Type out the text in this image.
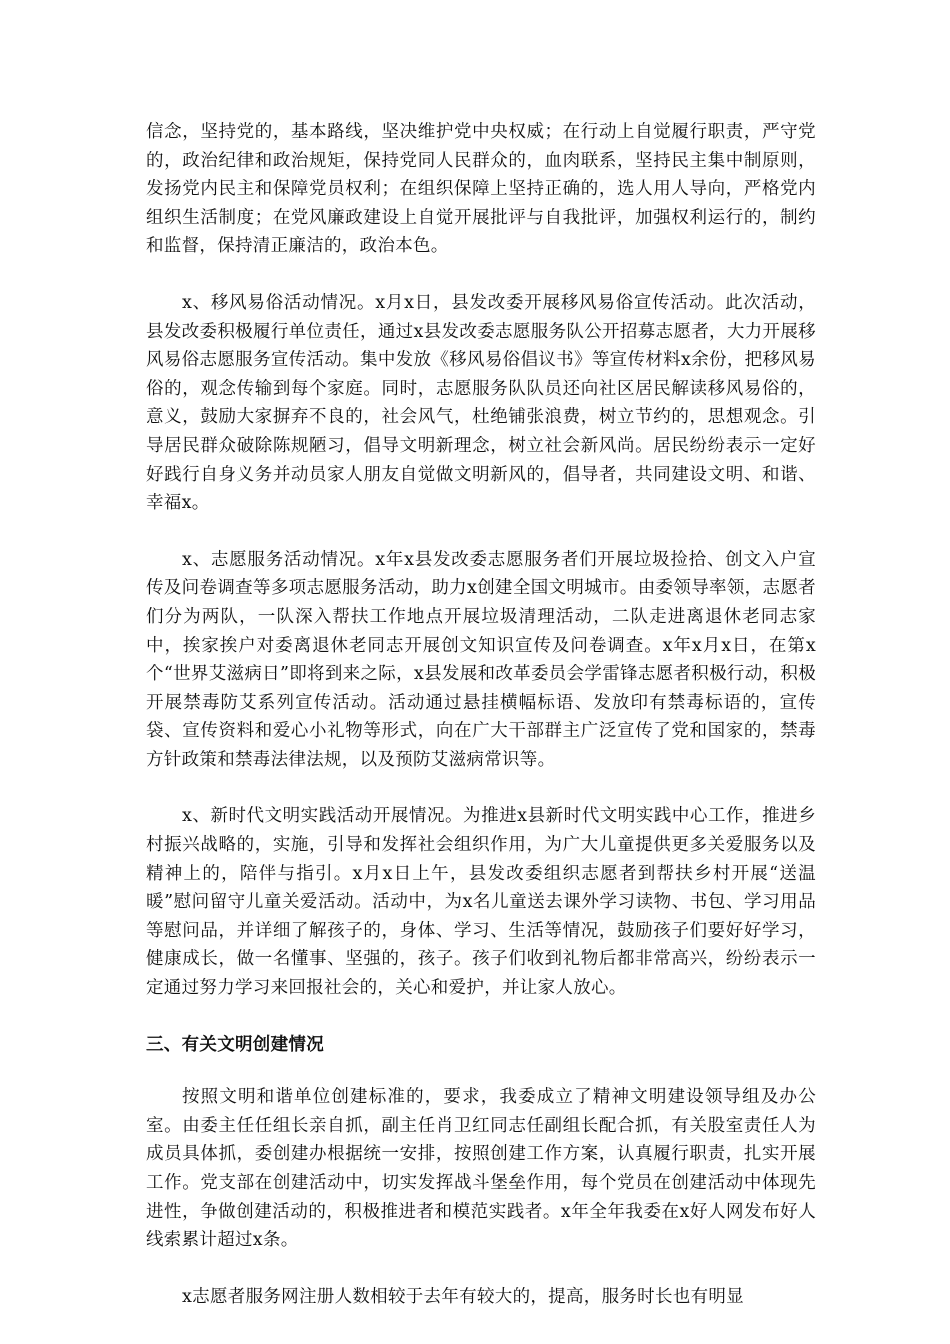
信念，坚持党的，基本路线，坚决维护党中央权威；在行动上自觉履行职责，严守党的，政治纪律和政治规矩，保持党同人民群众的，血肉联系，坚持民主集中制原则，发扬党内民主和保障党员权利；在组织保障上坚持正确的，选人用人导向，严格党内组织生活制度；在党风廉政建设上自觉开展批评与自我批评，加强权利运行的，制约和监督，保持清正廉洁的，政治本色。

x、移风易俗活动情况。x月x日，县发改委开展移风易俗宣传活动。此次活动，县发改委积极履行单位责任，通过x县发改委志愿服务队公开招募志愿者，大力开展移风易俗志愿服务宣传活动。集中发放《移风易俗倡议书》等宣传材料x余份，把移风易俗的，观念传输到每个家庭。同时，志愿服务队队员还向社区居民解读移风易俗的，意义，鼓励大家摒弃不良的，社会风气，杜绝铺张浪费，树立节约的，思想观念。引导居民群众破除陈规陋习，倡导文明新理念，树立社会新风尚。居民纷纷表示一定好好践行自身义务并动员家人朋友自觉做文明新风的，倡导者，共同建设文明、和谐、幸福x。

x、志愿服务活动情况。x年x县发改委志愿服务者们开展垃圾捡拾、创文入户宣传及问卷调查等多项志愿服务活动，助力x创建全国文明城市。由委领导率领，志愿者们分为两队，一队深入帮扶工作地点开展垃圾清理活动，二队走进离退休老同志家中，挨家挨户对委离退休老同志开展创文知识宣传及问卷调查。x年x月x日，在第x个“世界艾滋病日”即将到来之际，x县发展和改革委员会学雷锋志愿者积极行动，积极开展禁毒防艾系列宣传活动。活动通过悬挂横幅标语、发放印有禁毒标语的，宣传袋、宣传资料和爱心小礼物等形式，向在广大干部群主广泛宣传了党和国家的，禁毒方针政策和禁毒法律法规，以及预防艾滋病常识等。

x、新时代文明实践活动开展情况。为推进x县新时代文明实践中心工作，推进乡村振兴战略的，实施，引导和发挥社会组织作用，为广大儿童提供更多关爱服务以及精神上的，陪伴与指引。x月x日上午，县发改委组织志愿者到帮扶乡村开展“送温暖”慰问留守儿童关爱活动。活动中，为x名儿童送去课外学习读物、书包、学习用品等慰问品，并详细了解孩子的，身体、学习、生活等情况，鼓励孩子们要好好学习，健康成长，做一名懂事、坚强的，孩子。孩子们收到礼物后都非常高兴，纷纷表示一定通过努力学习来回报社会的，关心和爱护，并让家人放心。

三、有关文明创建情况

按照文明和谐单位创建标准的，要求，我委成立了精神文明建设领导组及办公室。由委主任任组长亲自抓，副主任肖卫红同志任副组长配合抓，有关股室责任人为成员具体抓，委创建办根据统一安排，按照创建工作方案，认真履行职责，扎实开展工作。党支部在创建活动中，切实发挥战斗堡垒作用，每个党员在创建活动中体现先进性，争做创建活动的，积极推进者和模范实践者。x年全年我委在x好人网发布好人线索累计超过x条。

x志愿者服务网注册人数相较于去年有较大的，提高，服务时长也有明显
